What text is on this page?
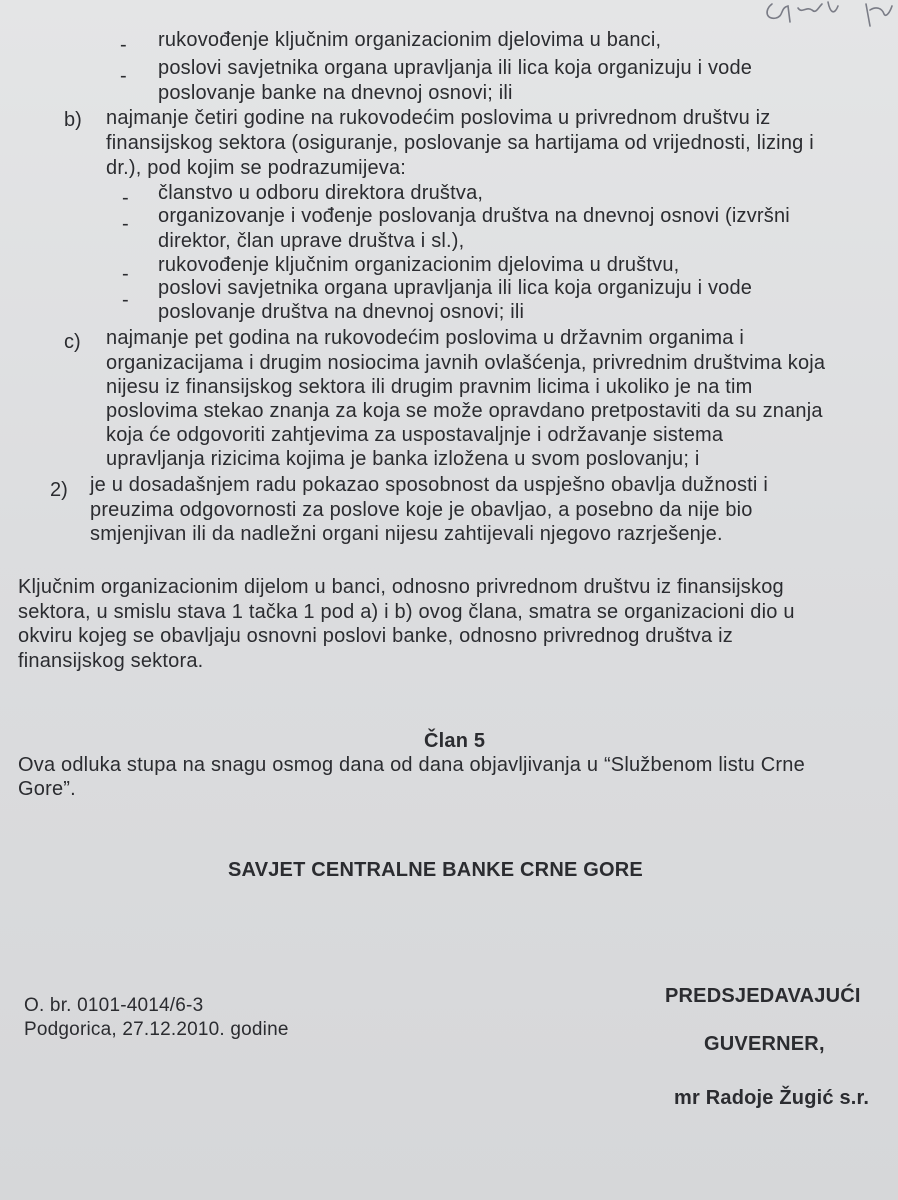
- rukovođenje ključnim organizacionim djelovima u banci,
- poslovi savjetnika organa upravljanja ili lica koja organizuju i vode
poslovanje banke na dnevnoj osnovi; ili
b) najmanje četiri godine na rukovodećim poslovima u privrednom društvu iz
finansijskog sektora (osiguranje, poslovanje sa hartijama od vrijednosti, lizing i
dr.), pod kojim se podrazumijeva:
- članstvo u odboru direktora društva,
- organizovanje i vođenje poslovanja društva na dnevnoj osnovi (izvršni
direktor, član uprave društva i sl.),
- rukovođenje ključnim organizacionim djelovima u društvu,
-
poslovi savjetnika organa upravljanja ili lica koja organizuju i vode
poslovanje društva na dnevnoj osnovi; ili
c) najmanje pet godina na rukovodećim poslovima u državnim organima i
organizacijama i drugim nosiocima javnih ovlašćenja, privrednim društvima koja
nijesu iz finansijskog sektora ili drugim pravnim licima i ukoliko je na tim
poslovima stekao znanja za koja se može opravdano pretpostaviti da su znanja
koja će odgovoriti zahtjevima za uspostavaljnje i održavanje sistema
upravljanja rizicima kojima je banka izložena u svom poslovanju; i
2) je u dosadašnjem radu pokazao sposobnost da uspješno obavlja dužnosti i
preuzima odgovornosti za poslove koje je obavljao, a posebno da nije bio
smjenjivan ili da nadležni organi nijesu zahtijevali njegovo razrješenje.
Ključnim organizacionim dijelom u banci, odnosno privrednom društvu iz finansijskog
sektora, u smislu stava 1 tačka 1 pod a) i b) ovog člana, smatra se organizacioni dio u
okviru kojeg se obavljaju osnovni poslovi banke, odnosno privrednog društva iz
finansijskog sektora.
Član 5
Ova odluka stupa na snagu osmog dana od dana objavljivanja u “Službenom listu Crne
Gore”.
SAVJET CENTRALNE BANKE CRNE GORE
O. br. 0101-4014/6-3
Podgorica, 27.12.2010. godine
PREDSJEDAVAJUĆI
GUVERNER,
mr Radoje Žugić s.r.
